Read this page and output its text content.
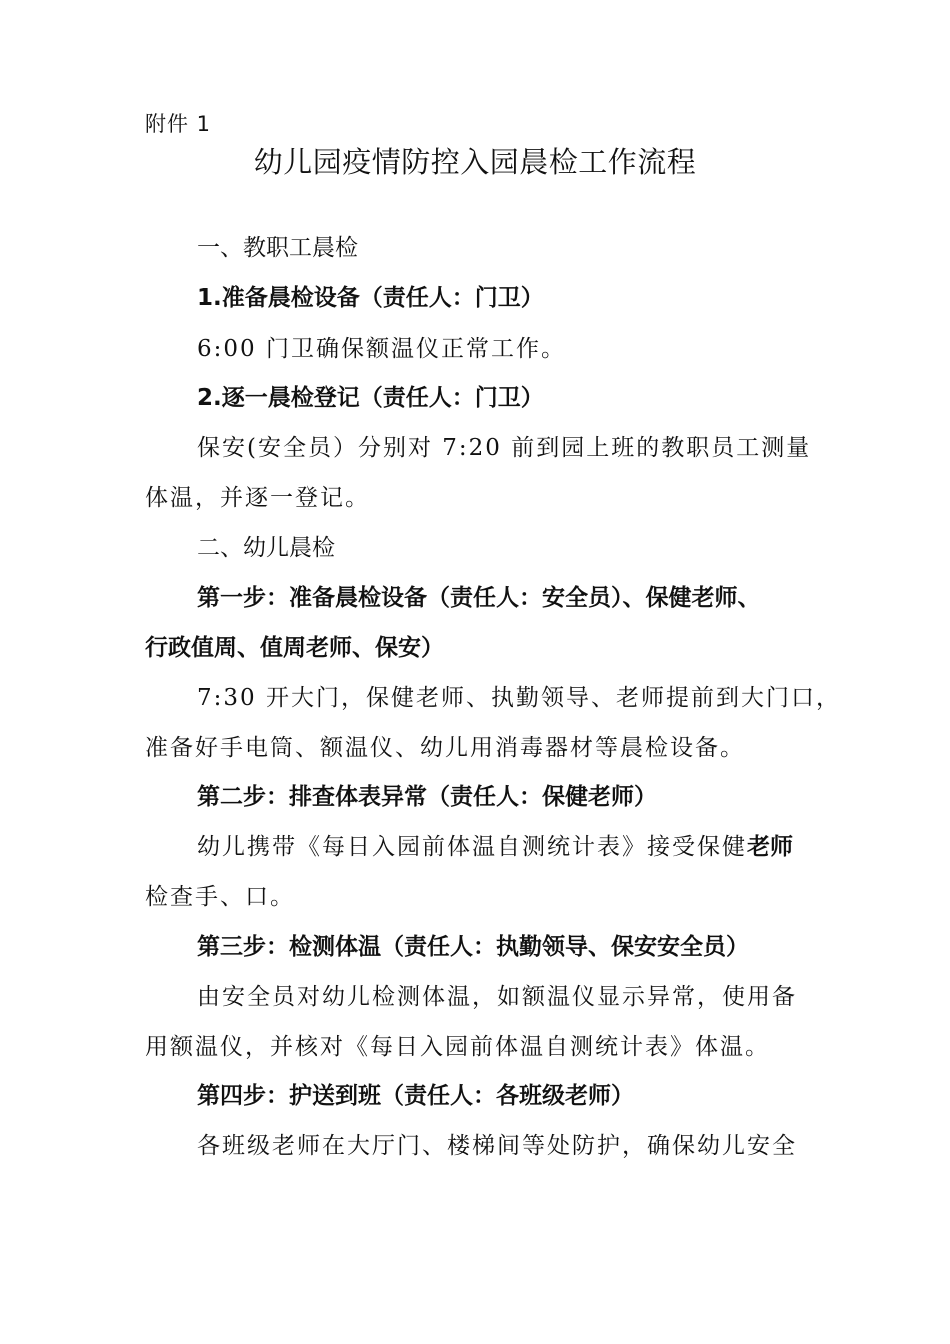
附件 1
幼儿园疫情防控入园晨检工作流程
一、教职工晨检
1.准备晨检设备（责任人：门卫）
6:00 门卫确保额温仪正常工作。
2.逐一晨检登记（责任人：门卫）
保安(安全员）分别对 7:20 前到园上班的教职员工测量
体温，并逐一登记。
二、幼儿晨检
第一步：准备晨检设备（责任人：安全员）、保健老师、
行政值周、值周老师、保安）
7:30 开大门，保健老师、执勤领导、老师提前到大门口，
准备好手电筒、额温仪、幼儿用消毒器材等晨检设备。
第二步：排查体表异常（责任人：保健老师）
幼儿携带《每日入园前体温自测统计表》接受保健老师
检查手、口。
第三步：检测体温（责任人：执勤领导、保安安全员）
由安全员对幼儿检测体温，如额温仪显示异常，使用备
用额温仪，并核对《每日入园前体温自测统计表》体温。
第四步：护送到班（责任人：各班级老师）
各班级老师在大厅门、楼梯间等处防护，确保幼儿安全
